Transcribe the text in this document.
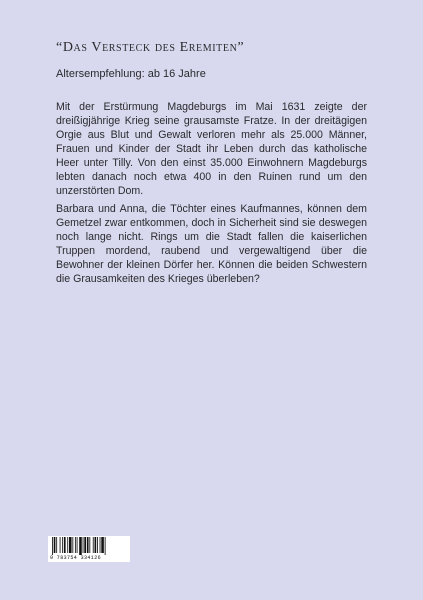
“Das Versteck des Eremiten”
Altersempfehlung: ab 16 Jahre
Mit der Erstürmung Magdeburgs im Mai 1631 zeigte der dreißigjährige Krieg seine grausamste Fratze. In der dreitägigen Orgie aus Blut und Gewalt verloren mehr als 25.000 Männer, Frauen und Kinder der Stadt ihr Leben durch das katholische Heer unter Tilly. Von den einst 35.000 Einwohnern Magdeburgs lebten danach noch etwa 400 in den Ruinen rund um den unzerstörten Dom.
Barbara und Anna, die Töchter eines Kaufmannes, können dem Gemetzel zwar entkommen, doch in Sicherheit sind sie deswegen noch lange nicht. Rings um die Stadt fallen die kaiserlichen Truppen mordend, raubend und vergewaltigend über die Bewohner der kleinen Dörfer her. Können die beiden Schwestern die Grausamkeiten des Krieges überleben?
9 783754 334126
